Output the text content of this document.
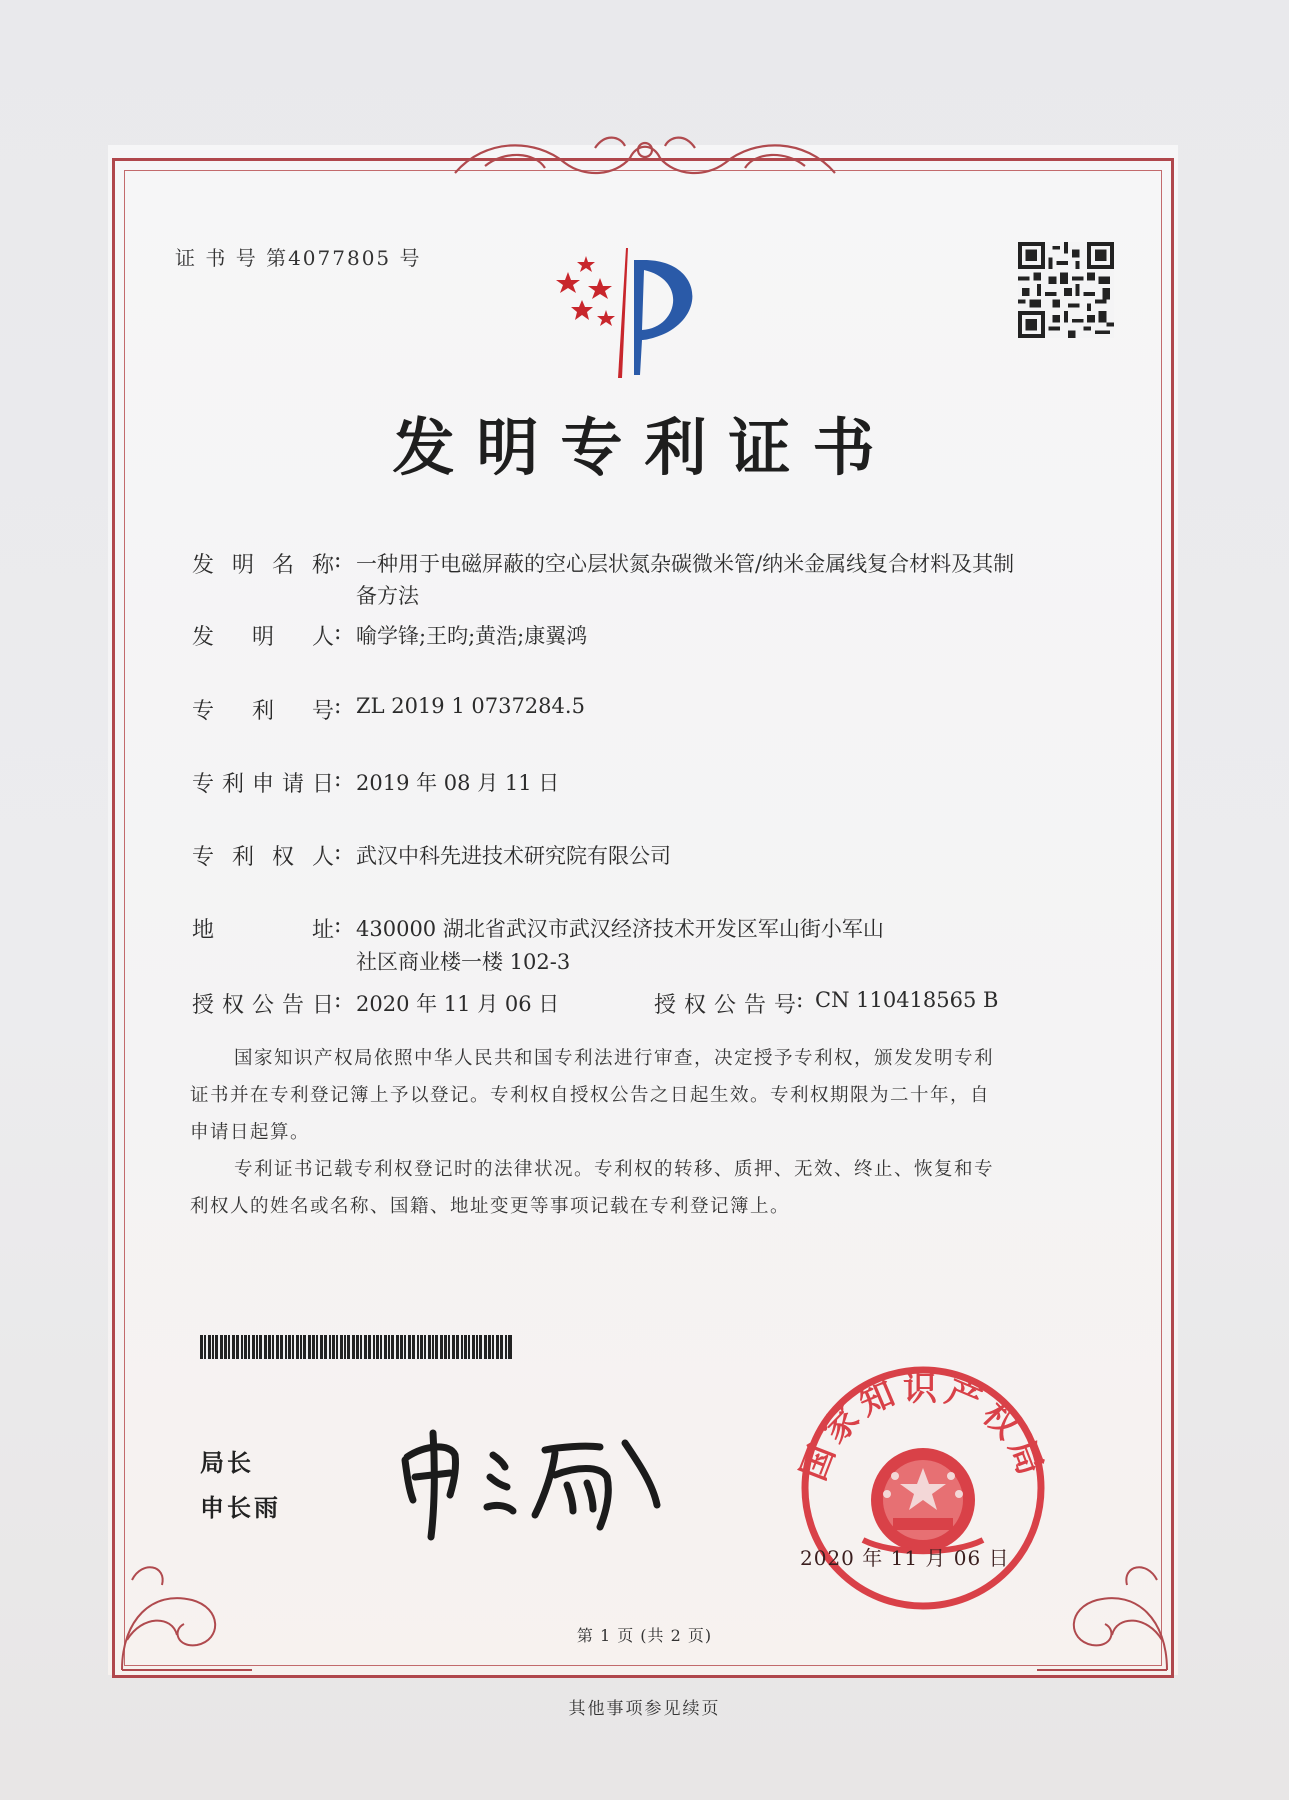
证 书 号 第4077805 号
发明专利证书
发明名称 : 一种用于电磁屏蔽的空心层状氮杂碳微米管/纳米金属线复合材料及其制
备方法
发明人 : 喻学锋;王昀;黄浩;康翼鸿
专利号 : ZL 2019 1 0737284.5
专利申请日 : 2019 年 08 月 11 日
专利权人 : 武汉中科先进技术研究院有限公司
地址 : 430000 湖北省武汉市武汉经济技术开发区军山街小军山
社区商业楼一楼 102-3
授权公告日 : 2020 年 11 月 06 日	授权公告号 : CN 110418565 B
国家知识产权局依照中华人民共和国专利法进行审查，决定授予专利权，颁发发明专利
证书并在专利登记簿上予以登记。专利权自授权公告之日起生效。专利权期限为二十年，自
申请日起算。
专利证书记载专利权登记时的法律状况。专利权的转移、质押、无效、终止、恢复和专
利权人的姓名或名称、国籍、地址变更等事项记载在专利登记簿上。
局长
申长雨
国家知识产权局
2020 年 11 月 06 日
第 1 页 (共 2 页)
其他事项参见续页
